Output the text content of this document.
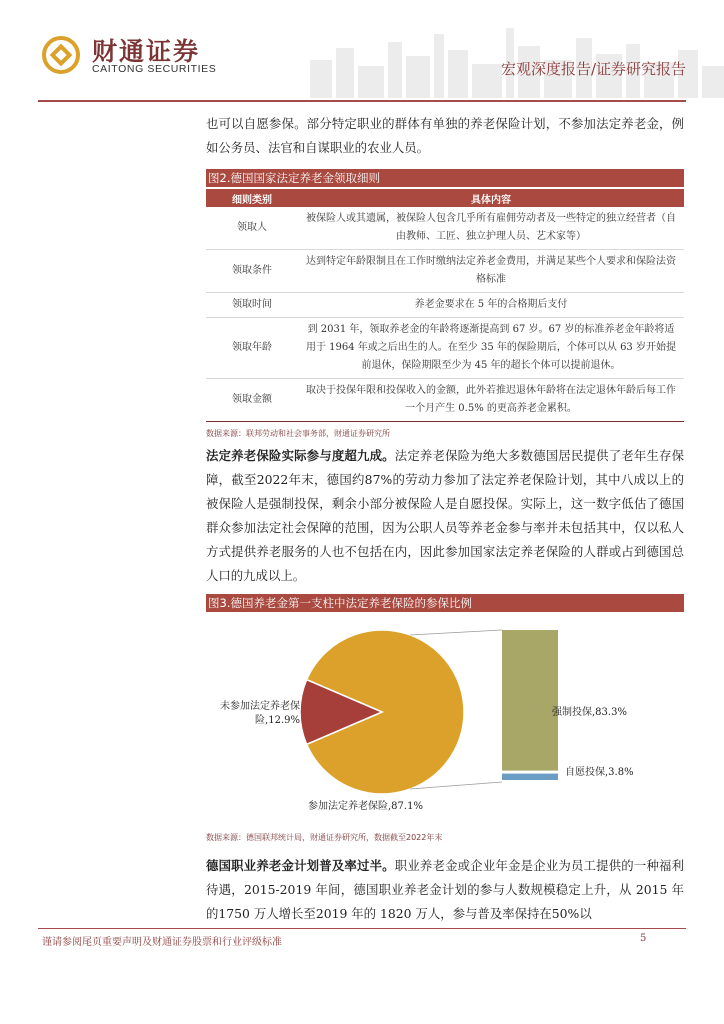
财通证券
CAITONG SECURITIES	宏观深度报告/证券研究报告
也可以自愿参保。部分特定职业的群体有单独的养老保险计划，不参加法定养老金，例如公务员、法官和自谋职业的农业人员。
图2.德国国家法定养老金领取细则
细则类别	具体内容
领取人	被保险人或其遗属，被保险人包含几乎所有雇佣劳动者及一些特定的独立经营者（自由教师、工匠、独立护理人员、艺术家等）
领取条件	达到特定年龄限制且在工作时缴纳法定养老金费用，并满足某些个人要求和保险法资格标准
领取时间	养老金要求在 5 年的合格期后支付
领取年龄	到 2031 年，领取养老金的年龄将逐渐提高到 67 岁。67 岁的标准养老金年龄将适用于 1964 年或之后出生的人。在至少 35 年的保险期后，个体可以从 63 岁开始提前退休，保险期限至少为 45 年的超长个体可以提前退休。
领取金额	取决于投保年限和投保收入的金额，此外若推迟退休年龄将在法定退休年龄后每工作一个月产生 0.5% 的更高养老金累积。
数据来源：联邦劳动和社会事务部，财通证券研究所
法定养老保险实际参与度超九成。法定养老保险为绝大多数德国居民提供了老年生存保障，截至2022年末，德国约87%的劳动力参加了法定养老保险计划，其中八成以上的被保险人是强制投保，剩余小部分被保险人是自愿投保。实际上，这一数字低估了德国群众参加法定社会保障的范围，因为公职人员等养老金参与率并未包括其中，仅以私人方式提供养老服务的人也不包括在内，因此参加国家法定养老保险的人群或占到德国总人口的九成以上。
图3.德国养老金第一支柱中法定养老保险的参保比例
未参加法定养老保险,12.9%
参加法定养老保险,87.1%
强制投保,83.3%
自愿投保,3.8%
数据来源：德国联邦统计局，财通证券研究所，数据截至2022年末
德国职业养老金计划普及率过半。职业养老金或企业年金是企业为员工提供的一种福利待遇，2015-2019 年间，德国职业养老金计划的参与人数规模稳定上升，从 2015 年的1750 万人增长至2019 年的 1820 万人，参与普及率保持在50%以
谨请参阅尾页重要声明及财通证券股票和行业评级标准	5
